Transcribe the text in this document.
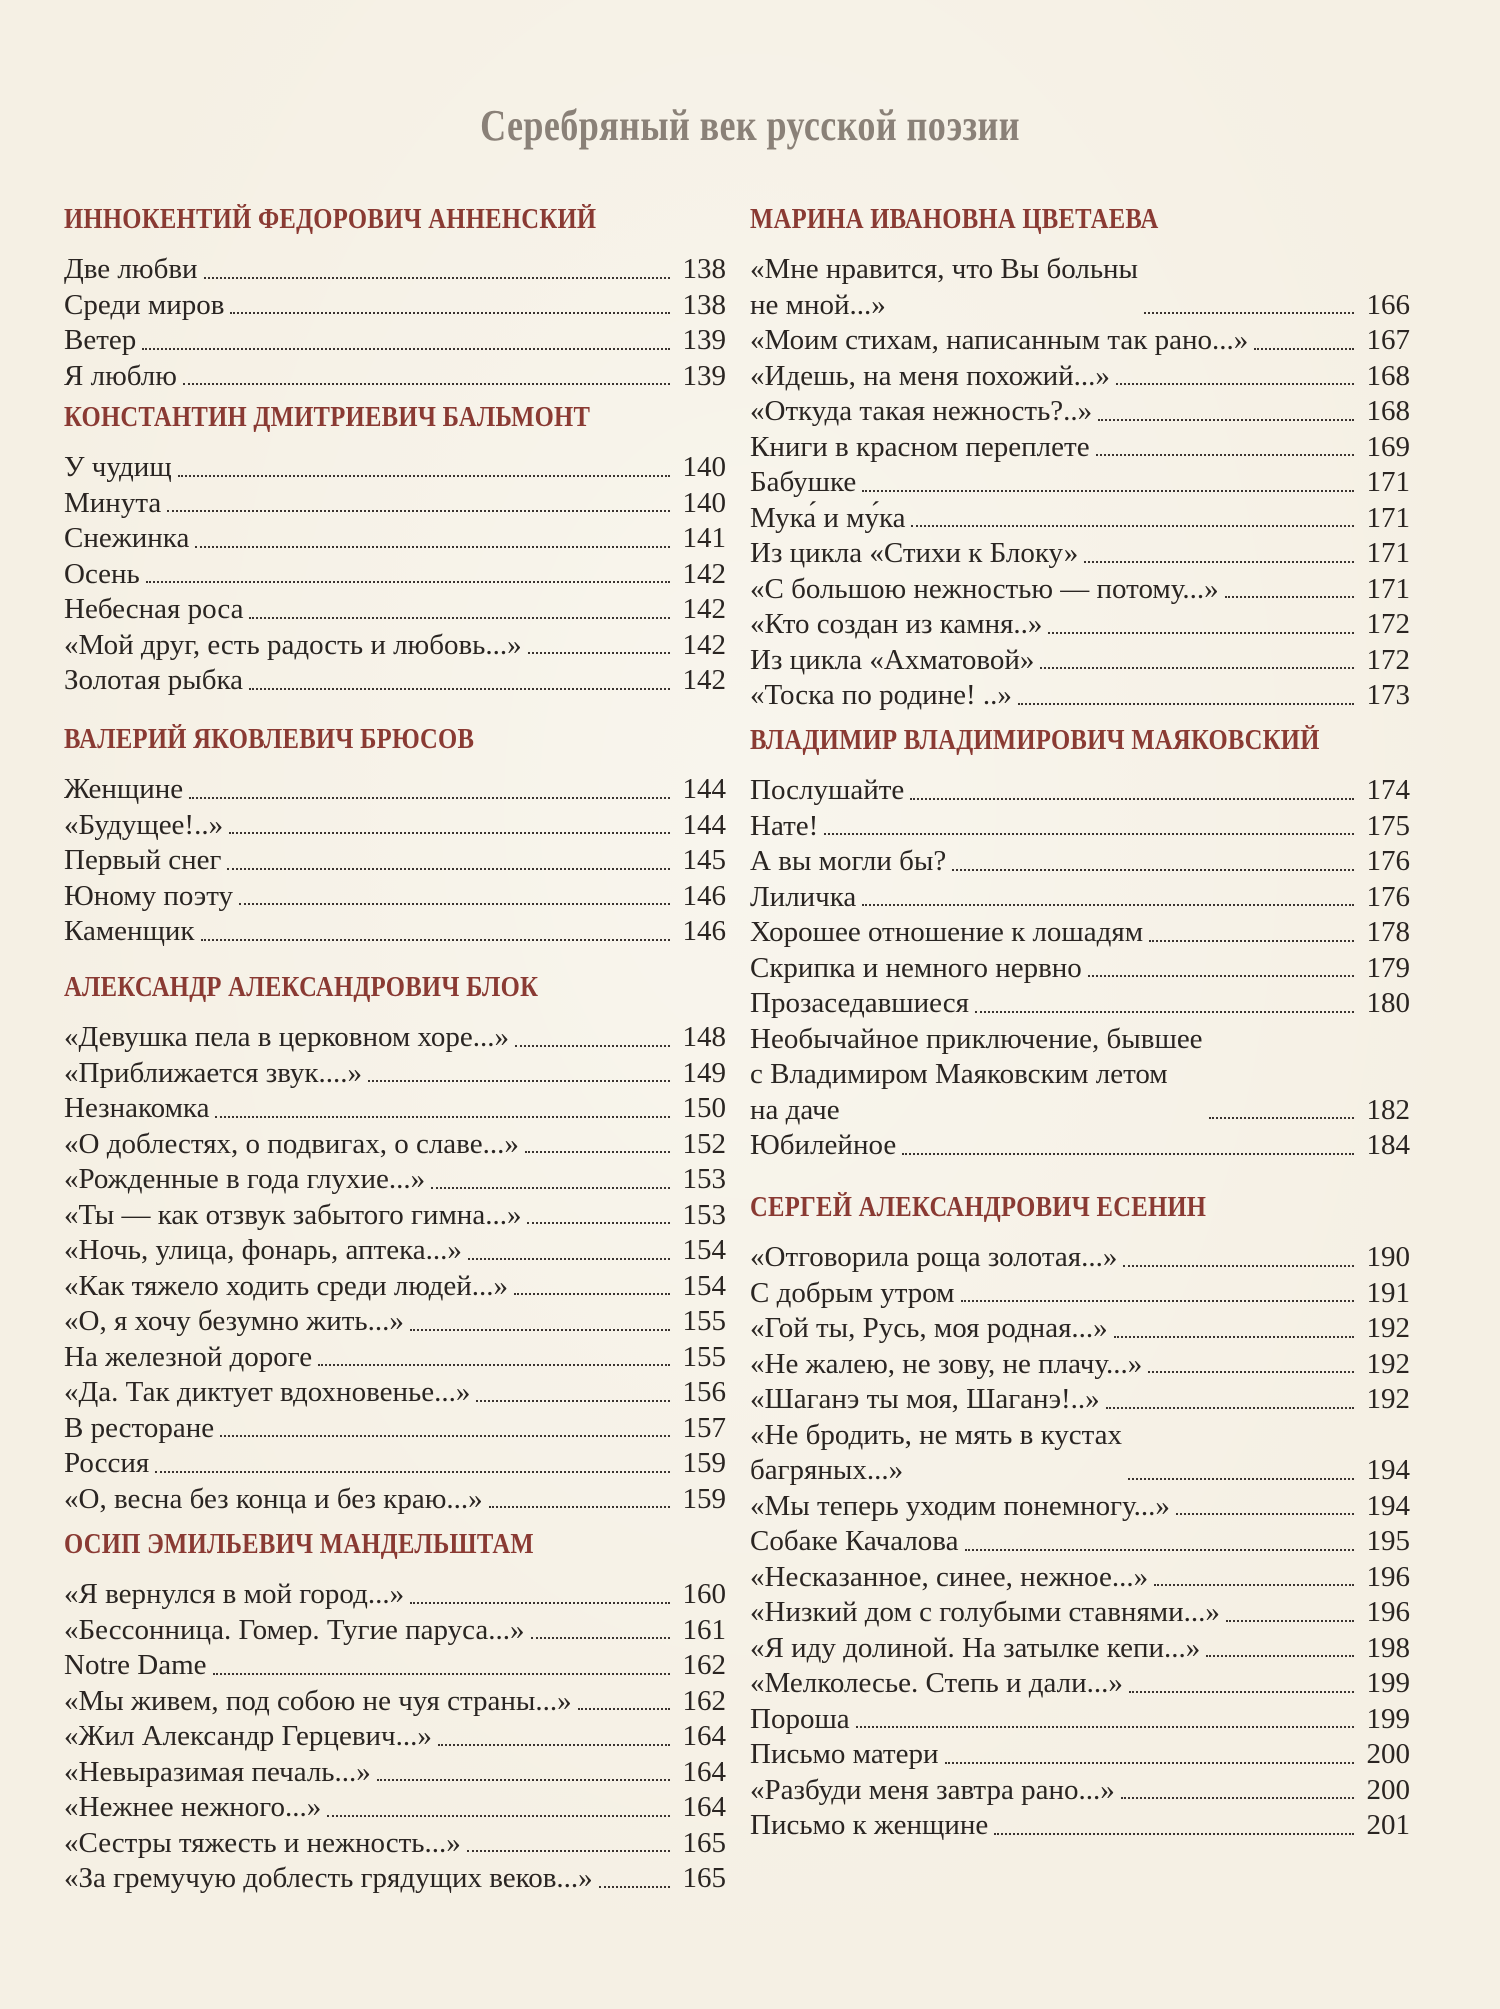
Серебряный век русской поэзии
ИННОКЕНТИЙ ФЕДОРОВИЧ АННЕНСКИЙ
Две любви	138
Среди миров	138
Ветер	139
Я люблю	139
КОНСТАНТИН ДМИТРИЕВИЧ БАЛЬМОНТ
У чудищ	140
Минута	140
Снежинка	141
Осень	142
Небесная роса	142
«Мой друг, есть радость и любовь...»	142
Золотая рыбка	142
ВАЛЕРИЙ ЯКОВЛЕВИЧ БРЮСОВ
Женщине	144
«Будущее!..»	144
Первый снег	145
Юному поэту	146
Каменщик	146
АЛЕКСАНДР АЛЕКСАНДРОВИЧ БЛОК
«Девушка пела в церковном хоре...»	148
«Приближается звук....»	149
Незнакомка	150
«О доблестях, о подвигах, о славе...»	152
«Рожденные в года глухие...»	153
«Ты — как отзвук забытого гимна...»	153
«Ночь, улица, фонарь, аптека...»	154
«Как тяжело ходить среди людей...»	154
«О, я хочу безумно жить...»	155
На железной дороге	155
«Да. Так диктует вдохновенье...»	156
В ресторане	157
Россия	159
«О, весна без конца и без краю...»	159
ОСИП ЭМИЛЬЕВИЧ МАНДЕЛЬШТАМ
«Я вернулся в мой город...»	160
«Бессонница. Гомер. Тугие паруса...»	161
Notre Dame	162
«Мы живем, под собою не чуя страны...»	162
«Жил Александр Герцевич...»	164
«Невыразимая печаль...»	164
«Нежнее нежного...»	164
«Сестры тяжесть и нежность...»	165
«За гремучую доблесть грядущих веков...»	165
МАРИНА ИВАНОВНА ЦВЕТАЕВА
«Мне нравится, что Вы больны
не мной...»	166
«Моим стихам, написанным так рано...»	167
«Идешь, на меня похожий...»	168
«Откуда такая нежность?..»	168
Книги в красном переплете	169
Бабушке	171
Мука́ и му́ка	171
Из цикла «Стихи к Блоку»	171
«С большою нежностью — потому...»	171
«Кто создан из камня..»	172
Из цикла «Ахматовой»	172
«Тоска по родине! ..»	173
ВЛАДИМИР ВЛАДИМИРОВИЧ МАЯКОВСКИЙ
Послушайте	174
Нате!	175
А вы могли бы?	176
Лиличка	176
Хорошее отношение к лошадям	178
Скрипка и немного нервно	179
Прозаседавшиеся	180
Необычайное приключение, бывшее
с Владимиром Маяковским летом
на даче	182
Юбилейное	184
СЕРГЕЙ АЛЕКСАНДРОВИЧ ЕСЕНИН
«Отговорила роща золотая...»	190
С добрым утром	191
«Гой ты, Русь, моя родная...»	192
«Не жалею, не зову, не плачу...»	192
«Шаганэ ты моя, Шаганэ!..»	192
«Не бродить, не мять в кустах
багряных...»	194
«Мы теперь уходим понемногу...»	194
Собаке Качалова	195
«Несказанное, синее, нежное...»	196
«Низкий дом с голубыми ставнями...»	196
«Я иду долиной. На затылке кепи...»	198
«Мелколесье. Степь и дали...»	199
Пороша	199
Письмо матери	200
«Разбуди меня завтра рано...»	200
Письмо к женщине	201
